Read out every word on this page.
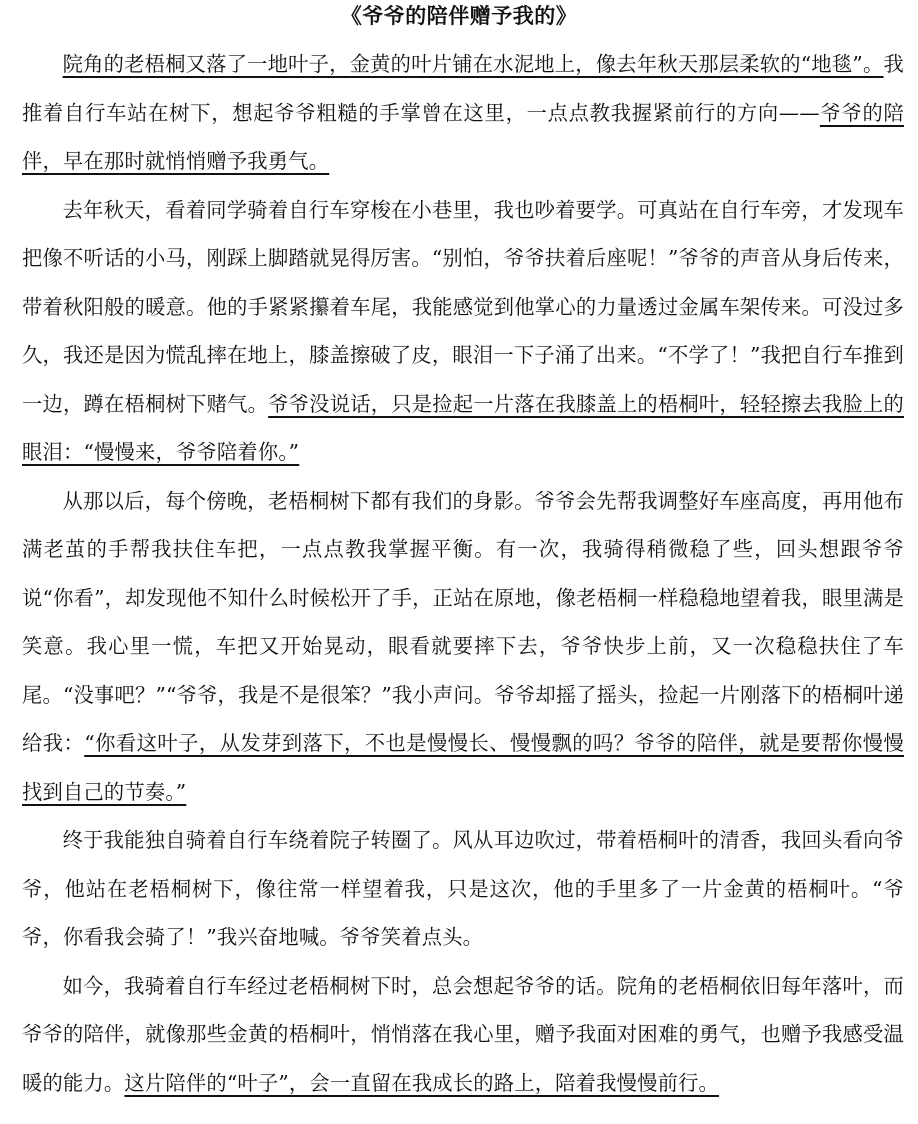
《爷爷的陪伴赠予我的》

院角的老梧桐又落了一地叶子，金黄的叶片铺在水泥地上，像去年秋天那层柔软的“地毯”。我推着自行车站在树下，想起爷爷粗糙的手掌曾在这里，一点点教我握紧前行的方向——爷爷的陪伴，早在那时就悄悄赠予我勇气。

去年秋天，看着同学骑着自行车穿梭在小巷里，我也吵着要学。可真站在自行车旁，才发现车把像不听话的小马，刚踩上脚踏就晃得厉害。“别怕，爷爷扶着后座呢！”爷爷的声音从身后传来，带着秋阳般的暖意。他的手紧紧攥着车尾，我能感觉到他掌心的力量透过金属车架传来。可没过多久，我还是因为慌乱摔在地上，膝盖擦破了皮，眼泪一下子涌了出来。“不学了！”我把自行车推到一边，蹲在梧桐树下赌气。爷爷没说话，只是捡起一片落在我膝盖上的梧桐叶，轻轻擦去我脸上的眼泪：“慢慢来，爷爷陪着你。”

从那以后，每个傍晚，老梧桐树下都有我们的身影。爷爷会先帮我调整好车座高度，再用他布满老茧的手帮我扶住车把，一点点教我掌握平衡。有一次，我骑得稍微稳了些，回头想跟爷爷说“你看”，却发现他不知什么时候松开了手，正站在原地，像老梧桐一样稳稳地望着我，眼里满是笑意。我心里一慌，车把又开始晃动，眼看就要摔下去，爷爷快步上前，又一次稳稳扶住了车尾。“没事吧？”“爷爷，我是不是很笨？”我小声问。爷爷却摇了摇头，捡起一片刚落下的梧桐叶递给我：“你看这叶子，从发芽到落下，不也是慢慢长、慢慢飘的吗？爷爷的陪伴，就是要帮你慢慢找到自己的节奏。”

终于我能独自骑着自行车绕着院子转圈了。风从耳边吹过，带着梧桐叶的清香，我回头看向爷爷，他站在老梧桐树下，像往常一样望着我，只是这次，他的手里多了一片金黄的梧桐叶。“爷爷，你看我会骑了！”我兴奋地喊。爷爷笑着点头。

如今，我骑着自行车经过老梧桐树下时，总会想起爷爷的话。院角的老梧桐依旧每年落叶，而爷爷的陪伴，就像那些金黄的梧桐叶，悄悄落在我心里，赠予我面对困难的勇气，也赠予我感受温暖的能力。这片陪伴的“叶子”，会一直留在我成长的路上，陪着我慢慢前行。
